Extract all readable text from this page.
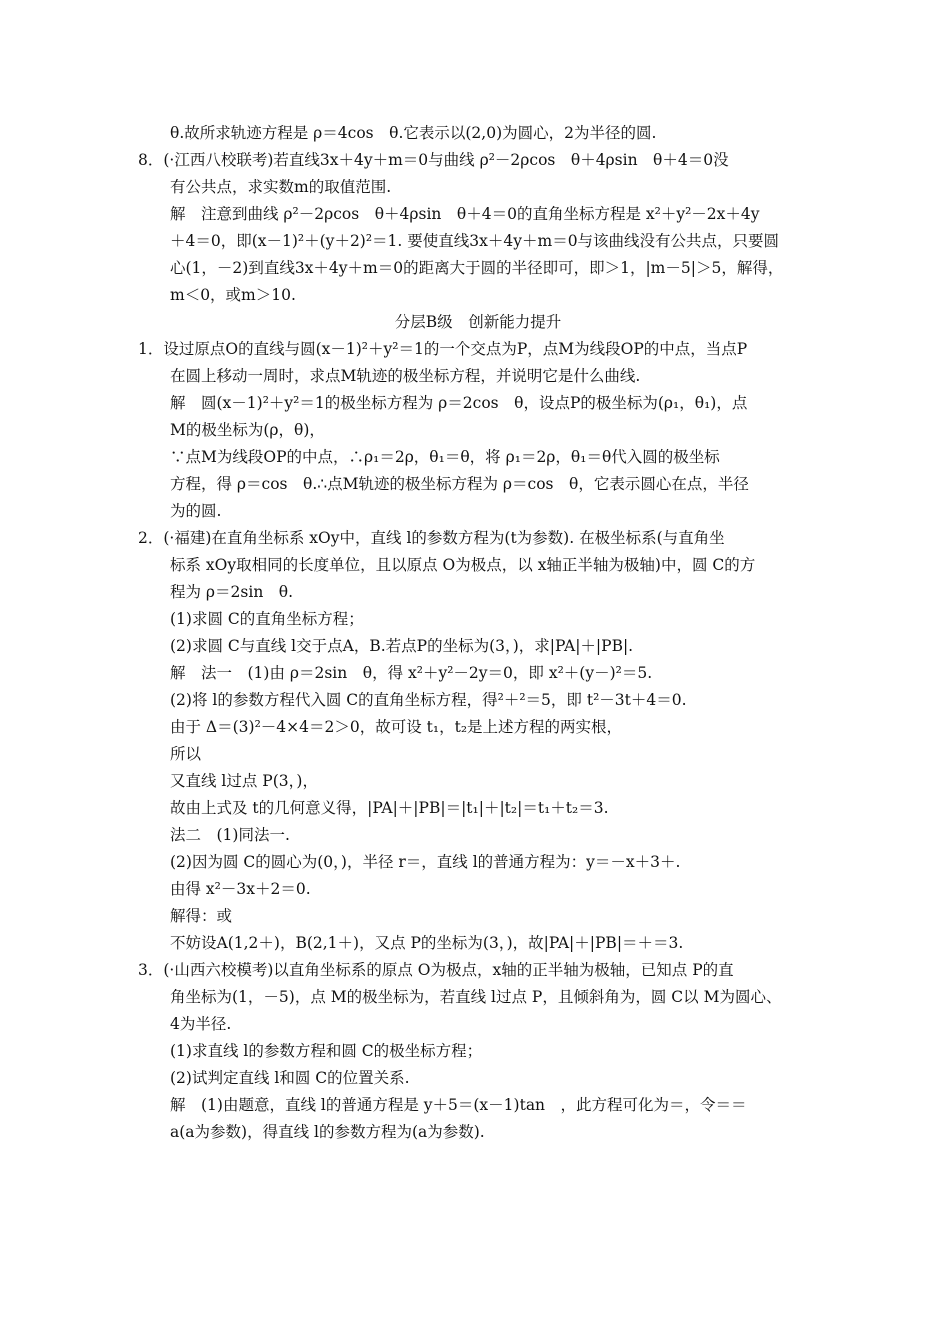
θ.故所求轨迹方程是 ρ＝4cos　θ.它表示以(2,0)为圆心，2为半径的圆.
8．(·江西八校联考)若直线3x＋4y＋m＝0与曲线 ρ²－2ρcos　θ＋4ρsin　θ＋4＝0没
有公共点，求实数m的取值范围.
解　注意到曲线 ρ²－2ρcos　θ＋4ρsin　θ＋4＝0的直角坐标方程是 x²＋y²－2x＋4y
＋4＝0，即(x－1)²＋(y＋2)²＝1. 要使直线3x＋4y＋m＝0与该曲线没有公共点，只要圆
心(1，－2)到直线3x＋4y＋m＝0的距离大于圆的半径即可，即＞1，|m－5|＞5，解得，
m＜0，或m＞10.
分层B级　创新能力提升
1．设过原点O的直线与圆(x－1)²＋y²＝1的一个交点为P，点M为线段OP的中点，当点P
在圆上移动一周时，求点M轨迹的极坐标方程，并说明它是什么曲线.
解　圆(x－1)²＋y²＝1的极坐标方程为 ρ＝2cos　θ，设点P的极坐标为(ρ₁，θ₁)，点
M的极坐标为(ρ，θ)，
∵点M为线段OP的中点，∴ρ₁＝2ρ，θ₁＝θ，将 ρ₁＝2ρ，θ₁＝θ代入圆的极坐标
方程，得 ρ＝cos　θ.∴点M轨迹的极坐标方程为 ρ＝cos　θ，它表示圆心在点，半径
为的圆.
2．(·福建)在直角坐标系 xOy中，直线 l的参数方程为(t为参数). 在极坐标系(与直角坐
标系 xOy取相同的长度单位，且以原点 O为极点，以 x轴正半轴为极轴)中，圆 C的方
程为 ρ＝2sin　θ.
(1)求圆 C的直角坐标方程；
(2)求圆 C与直线 l交于点A，B.若点P的坐标为(3，)，求|PA|＋|PB|.
解　法一　(1)由 ρ＝2sin　θ，得 x²＋y²－2y＝0，即 x²＋(y－)²＝5.
(2)将 l的参数方程代入圆 C的直角坐标方程，得²＋²＝5，即 t²－3t＋4＝0.
由于 Δ＝(3)²－4×4＝2＞0，故可设 t₁，t₂是上述方程的两实根，
所以
又直线 l过点 P(3，)，
故由上式及 t的几何意义得，|PA|＋|PB|＝|t₁|＋|t₂|＝t₁＋t₂＝3.
法二　(1)同法一.
(2)因为圆 C的圆心为(0，)，半径 r＝，直线 l的普通方程为：y＝－x＋3＋.
由得 x²－3x＋2＝0.
解得：或
不妨设A(1,2＋)，B(2,1＋)，又点 P的坐标为(3，)，故|PA|＋|PB|＝＋＝3.
3．(·山西六校模考)以直角坐标系的原点 O为极点，x轴的正半轴为极轴，已知点 P的直
角坐标为(1，－5)，点 M的极坐标为，若直线 l过点 P，且倾斜角为，圆 C以 M为圆心、
4为半径.
(1)求直线 l的参数方程和圆 C的极坐标方程；
(2)试判定直线 l和圆 C的位置关系.
解　(1)由题意，直线 l的普通方程是 y＋5＝(x－1)tan　，此方程可化为＝，令＝＝
a(a为参数)，得直线 l的参数方程为(a为参数).
